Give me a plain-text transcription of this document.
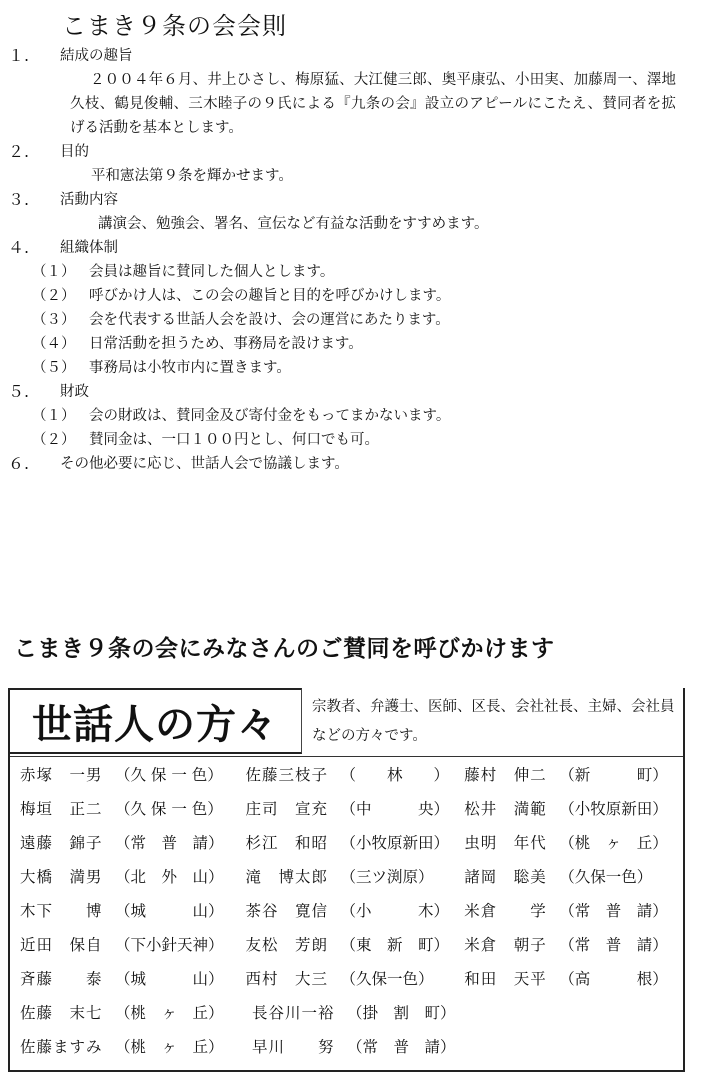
こまき９条の会会則
１.	結成の趣旨
２００４年６月、井上ひさし、梅原猛、大江健三郎、奥平康弘、小田実、加藤周一、澤地久枝、鶴見俊輔、三木睦子の９氏による『九条の会』設立のアピールにこたえ、賛同者を拡げる活動を基本とします。
２.	目的
平和憲法第９条を輝かせます。
３.	活動内容
講演会、勉強会、署名、宣伝など有益な活動をすすめます。
４.	組織体制
（１） 会員は趣旨に賛同した個人とします。
（２） 呼びかけ人は、この会の趣旨と目的を呼びかけします。
（３） 会を代表する世話人会を設け、会の運営にあたります。
（４） 日常活動を担うため、事務局を設けます。
（５） 事務局は小牧市内に置きます。
５.	財政
（１） 会の財政は、賛同金及び寄付金をもってまかないます。
（２） 賛同金は、一口１００円とし、何口でも可。
６.	その他必要に応じ、世話人会で協議します。
こまき９条の会にみなさんのご賛同を呼びかけます
世話人の方々	宗教者、弁護士、医師、区長、会社社長、主婦、会社員などの方々です。
赤塚　一男 （久 保 一 色） 佐藤三枝子 （　　林　　） 藤村　伸二 （新　　　町）
梅垣　正二 （久 保 一 色） 庄司　宣充 （中　　　央） 松井　満範 （小牧原新田）
遠藤　錦子 （常　普　請） 杉江　和昭 （小牧原新田） 虫明　年代 （桃　ヶ　丘）
大橋　満男 （北　外　山） 滝　博太郎 （三ツ渕原） 諸岡　聡美 （久保一色）
木下　　博 （城　　　山） 茶谷　寛信 （小　　　木） 米倉　　学 （常　普　請）
近田　保自 （下小針天神） 友松　芳朗 （東　新　町） 米倉　朝子 （常　普　請）
斉藤　　泰 （城　　　山） 西村　大三 （久保一色） 和田　天平 （高　　　根）
佐藤　末七 （桃　ヶ　丘） 長谷川一裕 （掛　割　町）
佐藤ますみ （桃　ヶ　丘） 早川　　努 （常　普　請）
